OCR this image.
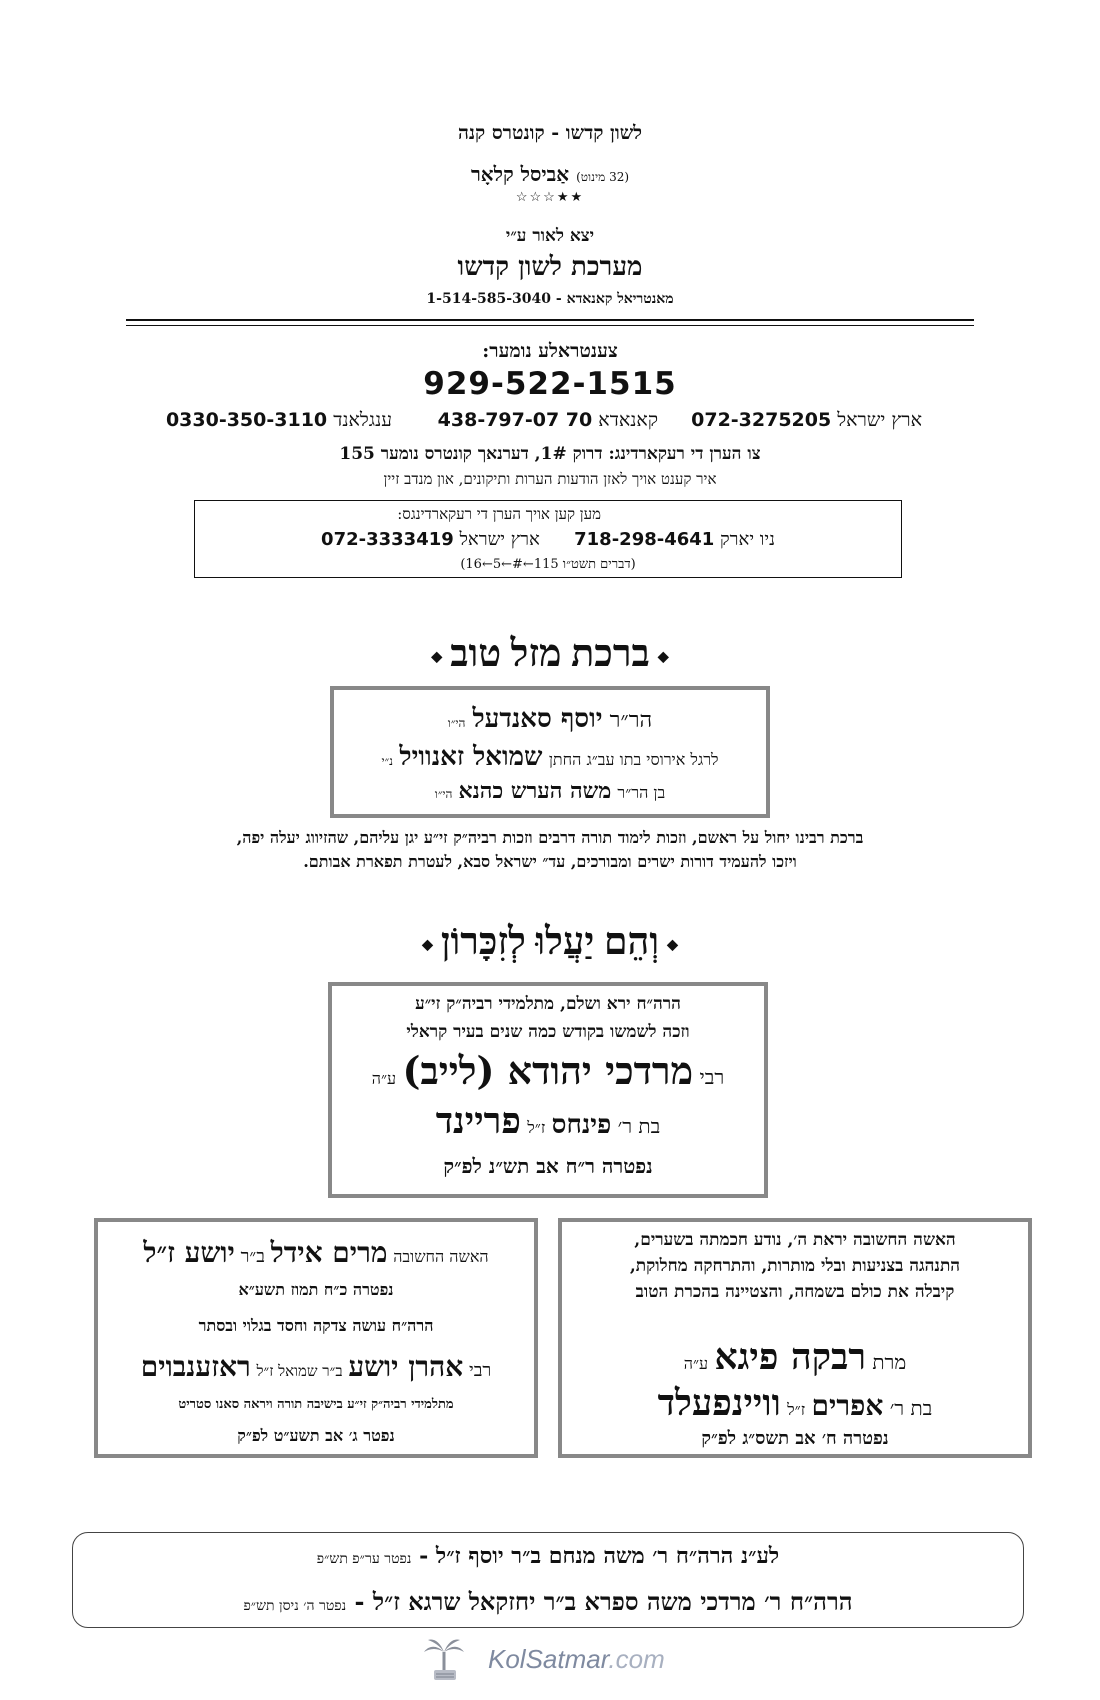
לשון קדשו - קונטרס קנה
(32 מינוט) אַביסל קלאָר
★★☆☆☆
יצא לאור ע״י
מערכת לשון קדשו
מאנטריאל קאנאדא - 1-514-585-3040
צענטראלע נומער:
929-522-1515
ארץ ישראל 072-3275205
קאנאדא 438-797-07 70
ענגלאנד 0330-350-3110
צו הערן די רעקארדינג: דרוק 1#, דערנאך קונטרס נומער 155
איר קענט אויך לאזן הודעות הערות ותיקונים, און מנדב זיין
מען קען אויך הערן די רעקארדינגס:
ניו יארק 718-298-4641      ארץ ישראל 072-3333419
(דברים תשט״ו 115←#←5←16)
◆ברכת מזל טוב◆
הר״ר יוסף סאנדעל הי״ו
לרגל אירוסי בתו עב״ג החתן שמואל זאנוויל נ״י
בן הר״ר משה הערש כהנא הי״ו
ברכת רבינו יחול על ראשם, וזכות לימוד תורה דרבים וזכות רביה״ק זי״ע יגן עליהם, שהזיווג יעלה יפה,
ויזכו להעמיד דורות ישרים ומבורכים, עד״ ישראל סבא, לעטרת תפארת אבותם.
◆וְהֵם יַעֲלוּ לְזִכָּרוֹן◆
הרה״ח ירא ושלם, מתלמידי רביה״ק זי״ע
וזכה לשמשו בקודש כמה שנים בעיר קראלי
רבי מרדכי יהודא (לייב) ע״ה
בת ר׳ פינחס ז״ל פריינד
נפטרה ר״ח אב תש״נ לפ״ק
האשה החשובה יראת ה׳, נודע חכמתה בשערים,
התנהגה בצניעות ובלי מותרות, והתרחקה מחלוקת,
קיבלה את כולם בשמחה, והצטיינה בהכרת הטוב
מרת רבקה פיגא ע״ה
בת ר׳ אפרים ז״ל וויינפעלד
נפטרה ח׳ אב תשס״ג לפ״ק
האשה החשובה מרים אידל ב״ר יושע ז״ל
נפטרה כ״ח תמוז תשע״א
הרה״ח עושה צדקה וחסד בגלוי ובסתר
רבי אהרן יושע ב״ר שמואל ז״ל ראזענבוים
מתלמידי רביה״ק זי״ע בישיבה תורה ויראה סאנו סטריט
נפטר ג׳ אב תשע״ט לפ״ק
לע״נ הרה״ח ר׳ משה מנחם ב״ר יוסף ז״ל - נפטר ער״פ תש״פ
הרה״ח ר׳ מרדכי משה ספרא ב״ר יחזקאל שרגא ז״ל - נפטר ה׳ ניסן תש״פ
KolSatmar.com
